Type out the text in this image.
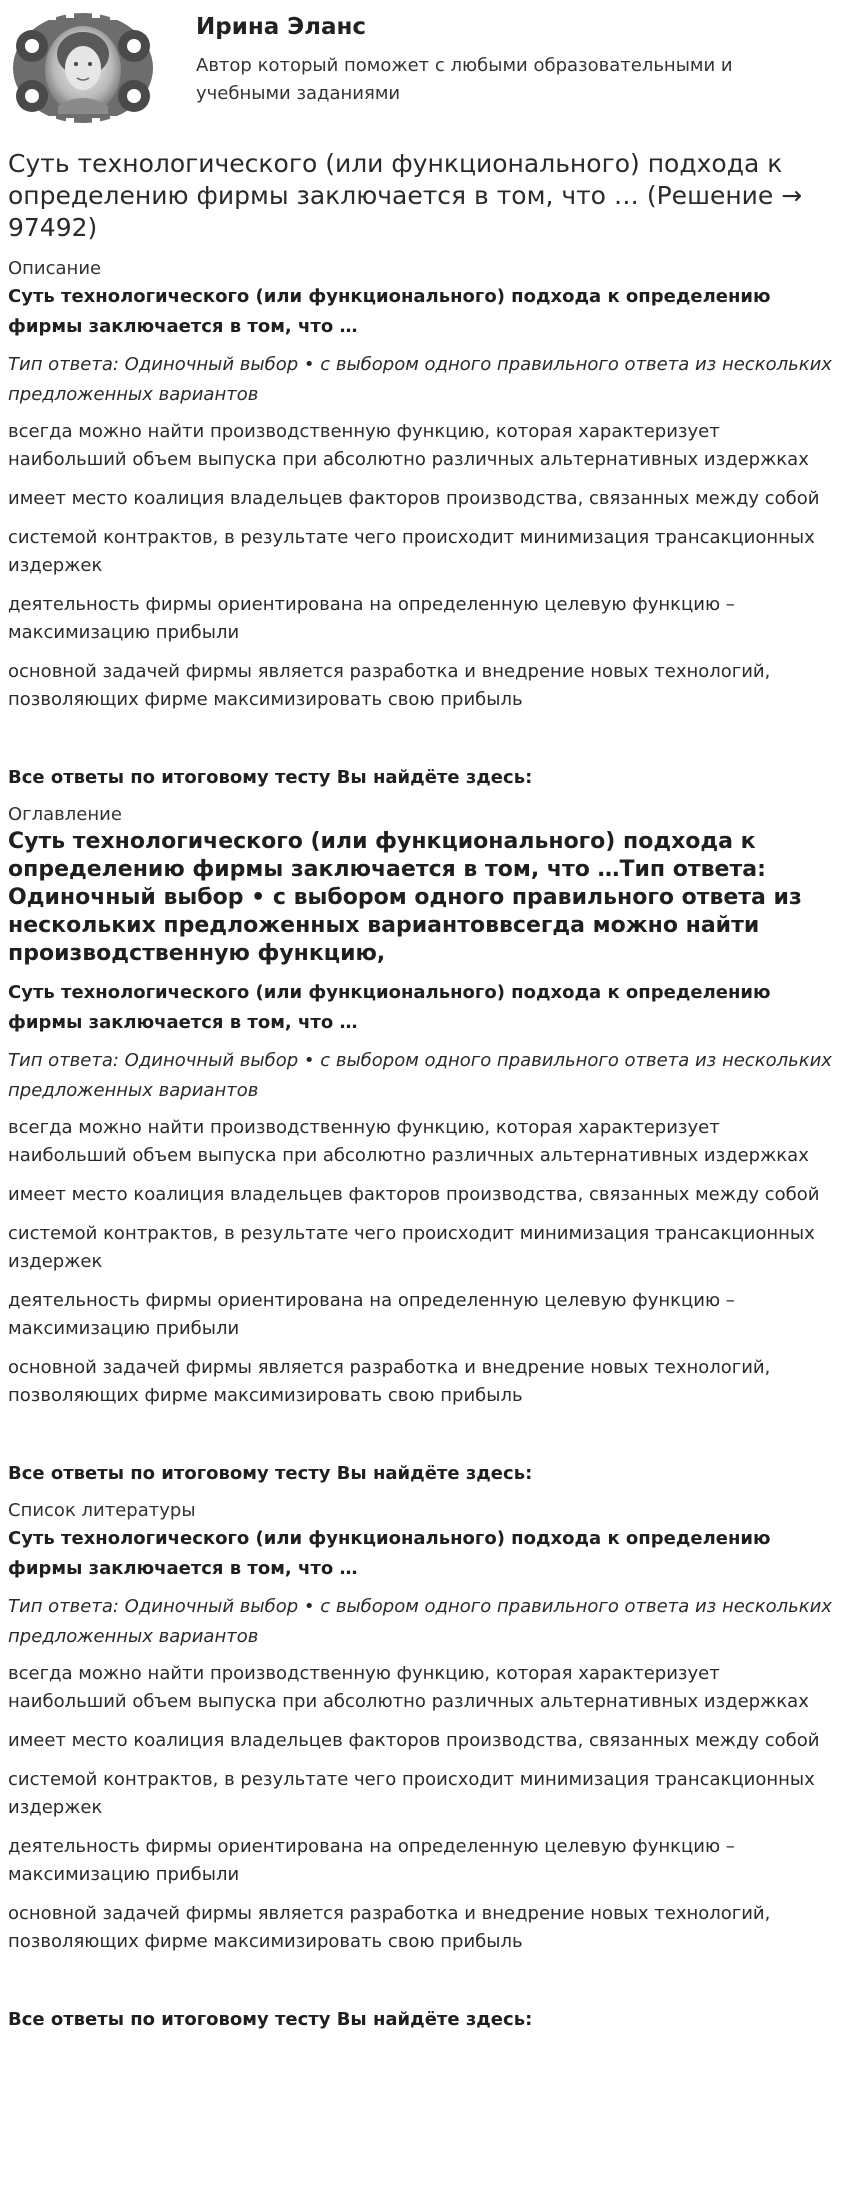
Ирина Эланс
Автор который поможет с любыми образовательными и учебными заданиями
Суть технологического (или функционального) подхода к определению фирмы заключается в том, что … (Решение → 97492)
Описание
Суть технологического (или функционального) подхода к определению фирмы заключается в том, что …
Тип ответа: Одиночный выбор • с выбором одного правильного ответа из нескольких предложенных вариантов
всегда можно найти производственную функцию, которая характеризует наибольший объем выпуска при абсолютно различных альтернативных издержках
имеет место коалиция владельцев факторов производства, связанных между собой
системой контрактов, в результате чего происходит минимизация трансакционных издержек
деятельность фирмы ориентирована на определенную целевую функцию – максимизацию прибыли
основной задачей фирмы является разработка и внедрение новых технологий, позволяющих фирме максимизировать свою прибыль
Все ответы по итоговому тесту Вы найдёте здесь:
Оглавление
Суть технологического (или функционального) подхода к определению фирмы заключается в том, что …Тип ответа: Одиночный выбор • с выбором одного правильного ответа из нескольких предложенных вариантоввсегда можно найти производственную функцию,
Суть технологического (или функционального) подхода к определению фирмы заключается в том, что …
Тип ответа: Одиночный выбор • с выбором одного правильного ответа из нескольких предложенных вариантов
всегда можно найти производственную функцию, которая характеризует наибольший объем выпуска при абсолютно различных альтернативных издержках
имеет место коалиция владельцев факторов производства, связанных между собой
системой контрактов, в результате чего происходит минимизация трансакционных издержек
деятельность фирмы ориентирована на определенную целевую функцию – максимизацию прибыли
основной задачей фирмы является разработка и внедрение новых технологий, позволяющих фирме максимизировать свою прибыль
Все ответы по итоговому тесту Вы найдёте здесь:
Список литературы
Суть технологического (или функционального) подхода к определению фирмы заключается в том, что …
Тип ответа: Одиночный выбор • с выбором одного правильного ответа из нескольких предложенных вариантов
всегда можно найти производственную функцию, которая характеризует наибольший объем выпуска при абсолютно различных альтернативных издержках
имеет место коалиция владельцев факторов производства, связанных между собой
системой контрактов, в результате чего происходит минимизация трансакционных издержек
деятельность фирмы ориентирована на определенную целевую функцию – максимизацию прибыли
основной задачей фирмы является разработка и внедрение новых технологий, позволяющих фирме максимизировать свою прибыль
Все ответы по итоговому тесту Вы найдёте здесь:
